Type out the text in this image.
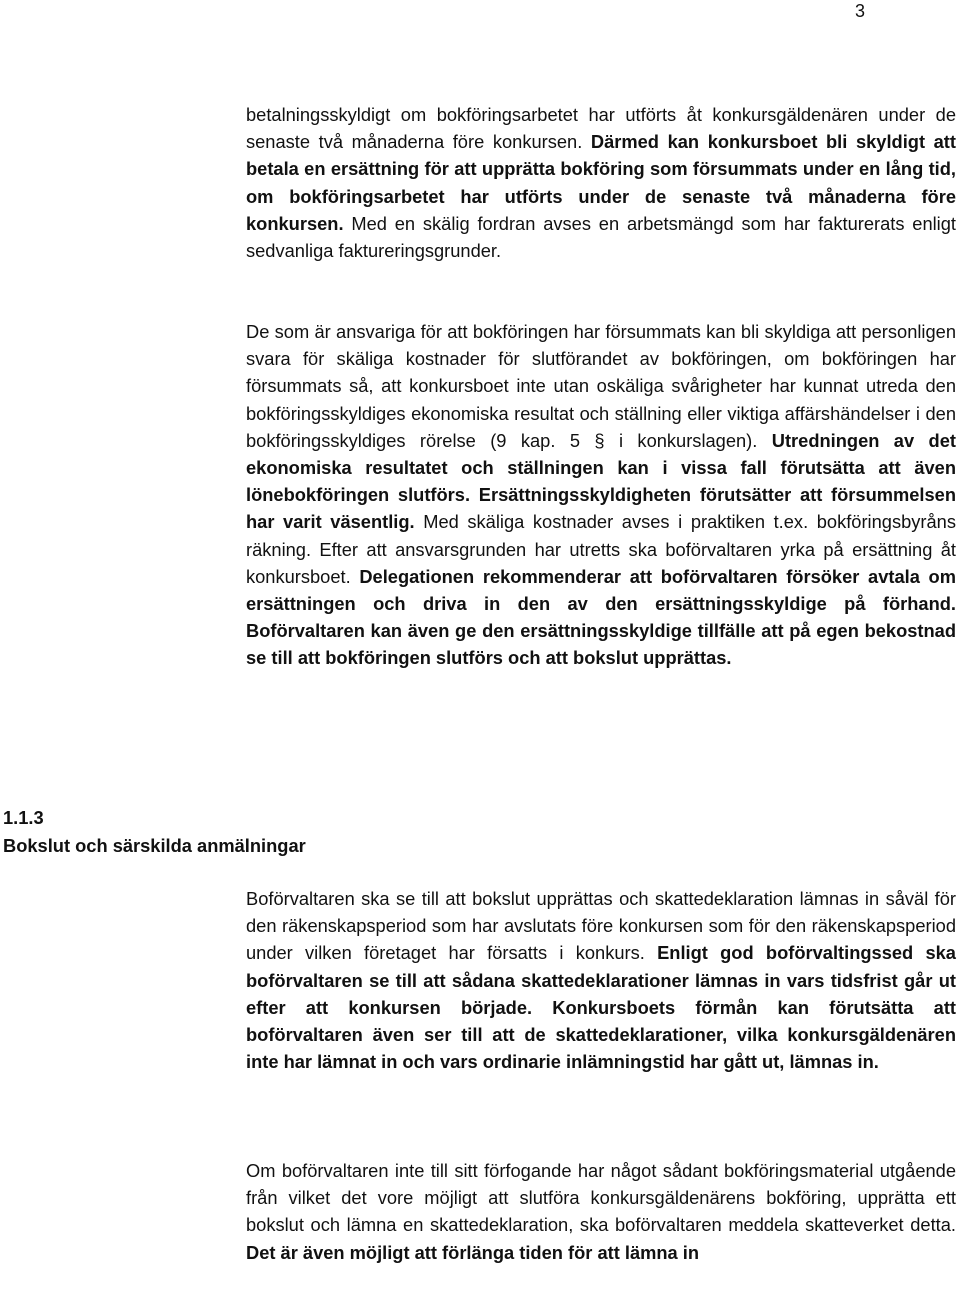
3

betalningsskyldigt om bokföringsarbetet har utförts åt konkursgäldenären under de senaste två månaderna före konkursen. Därmed kan konkursboet bli skyldigt att betala en ersättning för att upprätta bokföring som försummats under en lång tid, om bokföringsarbetet har utförts under de senaste två månaderna före konkursen. Med en skälig fordran avses en arbetsmängd som har fakturerats enligt sedvanliga faktureringsgrunder.

De som är ansvariga för att bokföringen har försummats kan bli skyldiga att personligen svara för skäliga kostnader för slutförandet av bokföringen, om bokföringen har försummats så, att konkursboet inte utan oskäliga svårigheter har kunnat utreda den bokföringsskyldiges ekonomiska resultat och ställning eller viktiga affärshändelser i den bokföringsskyldiges rörelse (9 kap. 5 § i konkurslagen). Utredningen av det ekonomiska resultatet och ställningen kan i vissa fall förutsätta att även lönebokföringen slutförs. Ersättningsskyldigheten förutsätter att försummelsen har varit väsentlig. Med skäliga kostnader avses i praktiken t.ex. bokföringsbyråns räkning. Efter att ansvarsgrunden har utretts ska boförvaltaren yrka på ersättning åt konkursboet. Delegationen rekommenderar att boförvaltaren försöker avtala om ersättningen och driva in den av den ersättningsskyldige på förhand. Boförvaltaren kan även ge den ersättningsskyldige tillfälle att på egen bekostnad se till att bokföringen slutförs och att bokslut upprättas.

1.1.3
Bokslut och särskilda anmälningar

Boförvaltaren ska se till att bokslut upprättas och skattedeklaration lämnas in såväl för den räkenskapsperiod som har avslutats före konkursen som för den räkenskapsperiod under vilken företaget har försatts i konkurs. Enligt god boförvaltingssed ska boförvaltaren se till att sådana skattedeklarationer lämnas in vars tidsfrist går ut efter att konkursen började. Konkursboets förmån kan förutsätta att boförvaltaren även ser till att de skattedeklarationer, vilka konkursgäldenären inte har lämnat in och vars ordinarie inlämningstid har gått ut, lämnas in.

Om boförvaltaren inte till sitt förfogande har något sådant bokföringsmaterial utgående från vilket det vore möjligt att slutföra konkursgäldenärens bokföring, upprätta ett bokslut och lämna en skattedeklaration, ska boförvaltaren meddela skatteverket detta. Det är även möjligt att förlänga tiden för att lämna in
